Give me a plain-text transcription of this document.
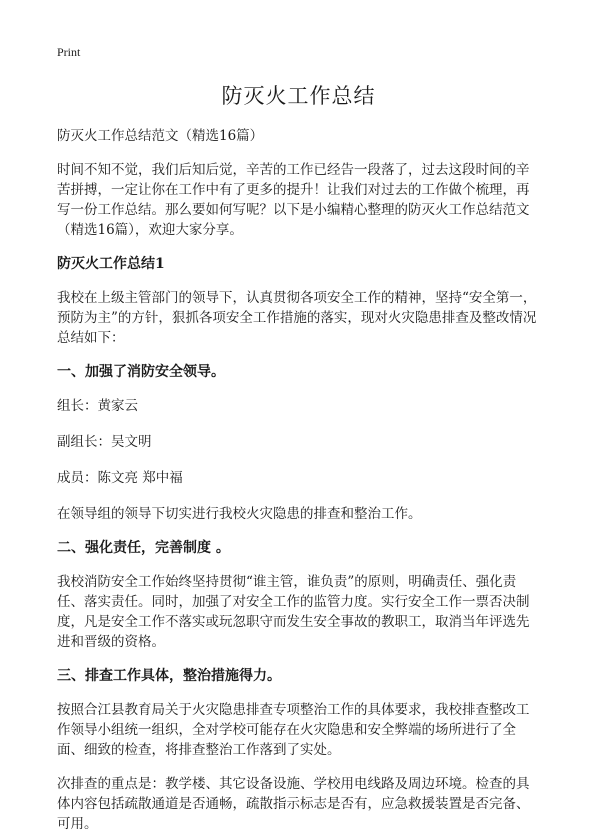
Print
防灭火工作总结
防灭火工作总结范文（精选16篇）
时间不知不觉，我们后知后觉，辛苦的工作已经告一段落了，过去这段时间的辛苦拼搏，一定让你在工作中有了更多的提升！让我们对过去的工作做个梳理，再写一份工作总结。那么要如何写呢？以下是小编精心整理的防灭火工作总结范文（精选16篇），欢迎大家分享。
防灭火工作总结1
我校在上级主管部门的领导下，认真贯彻各项安全工作的精神，坚持“安全第一，预防为主”的方针，狠抓各项安全工作措施的落实，现对火灾隐患排查及整改情况总结如下：
一、加强了消防安全领导。
组长：黄家云
副组长：吴文明
成员：陈文亮 郑中福
在领导组的领导下切实进行我校火灾隐患的排查和整治工作。
二、强化责任，完善制度 。
我校消防安全工作始终坚持贯彻“谁主管，谁负责”的原则，明确责任、强化责任、落实责任。同时，加强了对安全工作的监管力度。实行安全工作一票否决制度，凡是安全工作不落实或玩忽职守而发生安全事故的教职工，取消当年评选先进和晋级的资格。
三、排查工作具体，整治措施得力。
按照合江县教育局关于火灾隐患排查专项整治工作的具体要求，我校排查整改工作领导小组统一组织，全对学校可能存在火灾隐患和安全弊端的场所进行了全面、细致的检查，将排查整治工作落到了实处。
次排查的重点是：教学楼、其它设备设施、学校用电线路及周边环境。检查的具体内容包括疏散通道是否通畅，疏散指示标志是否有，应急救援装置是否完备、可用。
